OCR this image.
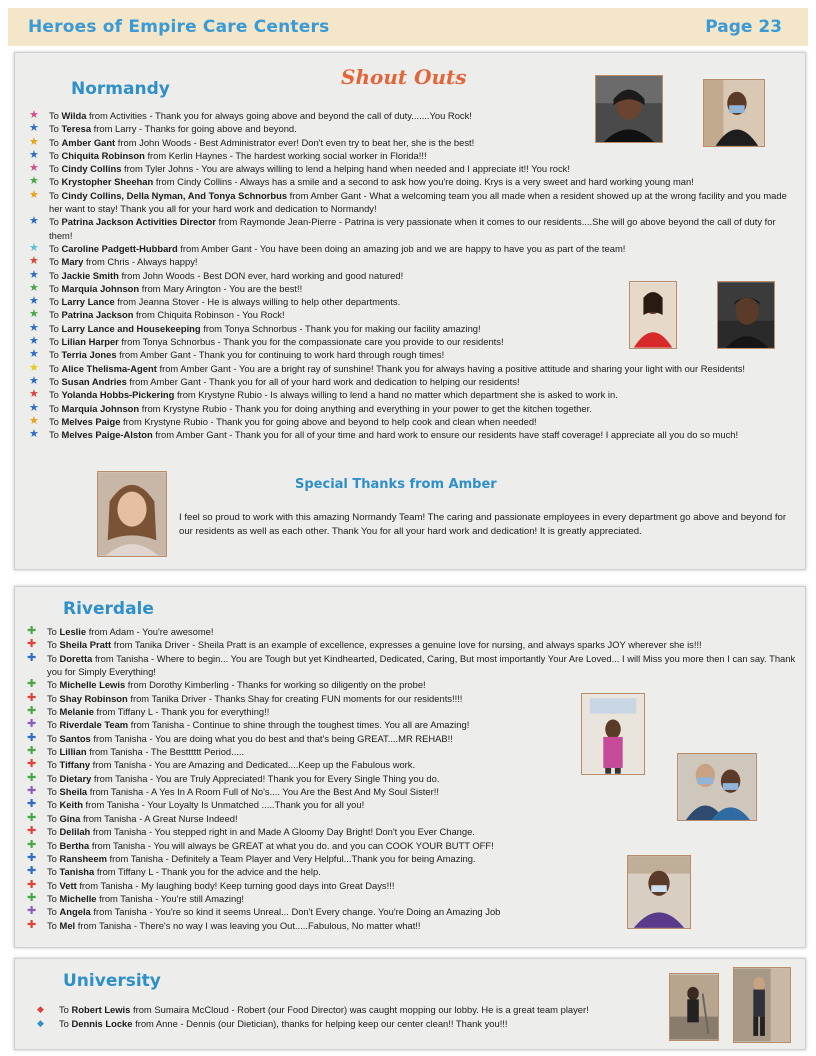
Heroes of Empire Care Centers	Page 23
Normandy	Shout Outs
★ To Wilda from Activities - Thank you for always going above and beyond the call of duty.......You Rock!
★ To Teresa from Larry - Thanks for going above and beyond.
★ To Amber Gant from John Woods - Best Administrator ever! Don't even try to beat her, she is the best!
★ To Chiquita Robinson from Kerlin Haynes - The hardest working social worker in Florida!!!
★ To Cindy Collins from Tyler Johns - You are always willing to lend a helping hand when needed and I appreciate it!! You rock!
★ To Krystopher Sheehan from Cindy Collins - Always has a smile and a second to ask how you're doing. Krys is a very sweet and hard working young man!
★ To Cindy Collins, Della Nyman, And Tonya Schnorbus from Amber Gant - What a welcoming team you all made when a resident showed up at the wrong facility and you made her want to stay! Thank you all for your hard work and dedication to Normandy!
★ To Patrina Jackson Activities Director from Raymonde Jean-Pierre - Patrina is very passionate when it comes to our residents....She will go above beyond the call of duty for them!
★ To Caroline Padgett-Hubbard from Amber Gant - You have been doing an amazing job and we are happy to have you as part of the team!
★ To Mary from Chris - Always happy!
★ To Jackie Smith from John Woods - Best DON ever, hard working and good natured!
★ To Marquia Johnson from Mary Arington - You are the best!!
★ To Larry Lance from Jeanna Stover - He is always willing to help other departments.
★ To Patrina Jackson from Chiquita Robinson - You Rock!
★ To Larry Lance and Housekeeping from Tonya Schnorbus - Thank you for making our facility amazing!
★ To Lilian Harper from Tonya Schnorbus - Thank you for the compassionate care you provide to our residents!
★ To Terria Jones from Amber Gant - Thank you for continuing to work hard through rough times!
★ To Alice Thelisma-Agent from Amber Gant - You are a bright ray of sunshine! Thank you for always having a positive attitude and sharing your light with our Residents!
★ To Susan Andries from Amber Gant - Thank you for all of your hard work and dedication to helping our residents!
★ To Yolanda Hobbs-Pickering from Krystyne Rubio - Is always willing to lend a hand no matter which department she is asked to work in.
★ To Marquia Johnson from Krystyne Rubio - Thank you for doing anything and everything in your power to get the kitchen together.
★ To Melves Paige from Krystyne Rubio - Thank you for going above and beyond to help cook and clean when needed!
★ To Melves Paige-Alston from Amber Gant - Thank you for all of your time and hard work to ensure our residents have staff coverage! I appreciate all you do so much!
Special Thanks from Amber
I feel so proud to work with this amazing Normandy Team! The caring and passionate employees in every department go above and beyond for our residents as well as each other. Thank You for all your hard work and dedication! It is greatly appreciated.
Riverdale
✚ To Leslie from Adam - You're awesome!
✚ To Sheila Pratt from Tanika Driver - Sheila Pratt is an example of excellence, expresses a genuine love for nursing, and always sparks JOY wherever she is!!!
✚ To Doretta from Tanisha - Where to begin... You are Tough but yet Kindhearted, Dedicated, Caring, But most importantly Your Are Loved... I will Miss you more then I can say. Thank you for Simply Everything!
✚ To Michelle Lewis from Dorothy Kimberling - Thanks for working so diligently on the probe!
✚ To Shay Robinson from Tanika Driver - Thanks Shay for creating FUN moments for our residents!!!!
✚ To Melanie from Tiffany L - Thank you for everything!!
✚ To Riverdale Team from Tanisha - Continue to shine through the toughest times. You all are Amazing!
✚ To Santos from Tanisha - You are doing what you do best and that's being GREAT....MR REHAB!!
✚ To Lillian from Tanisha - The Bestttttt Period.....
✚ To Tiffany from Tanisha - You are Amazing and Dedicated....Keep up the Fabulous work.
✚ To Dietary from Tanisha - You are Truly Appreciated! Thank you for Every Single Thing you do.
✚ To Sheila from Tanisha - A Yes In A Room Full of No's.... You Are the Best And My Soul Sister!!
✚ To Keith from Tanisha - Your Loyalty Is Unmatched .....Thank you for all you!
✚ To Gina from Tanisha - A Great Nurse Indeed!
✚ To Delilah from Tanisha - You stepped right in and Made A Gloomy Day Bright! Don't you Ever Change.
✚ To Bertha from Tanisha - You will always be GREAT at what you do. and you can COOK YOUR BUTT OFF!
✚ To Ransheem from Tanisha - Definitely a Team Player and Very Helpful...Thank you for being Amazing.
✚ To Tanisha from Tiffany L - Thank you for the advice and the help.
✚ To Vett from Tanisha - My laughing body! Keep turning good days into Great Days!!!
✚ To Michelle from Tanisha - You're still Amazing!
✚ To Angela from Tanisha - You're so kind it seems Unreal... Don't Every change. You're Doing an Amazing Job
✚ To Mel from Tanisha - There's no way I was leaving you Out.....Fabulous, No matter what!!
University
◆ To Robert Lewis from Sumaira McCloud - Robert (our Food Director) was caught mopping our lobby. He is a great team player!
◆ To Dennis Locke from Anne - Dennis (our Dietician), thanks for helping keep our center clean!! Thank you!!!
